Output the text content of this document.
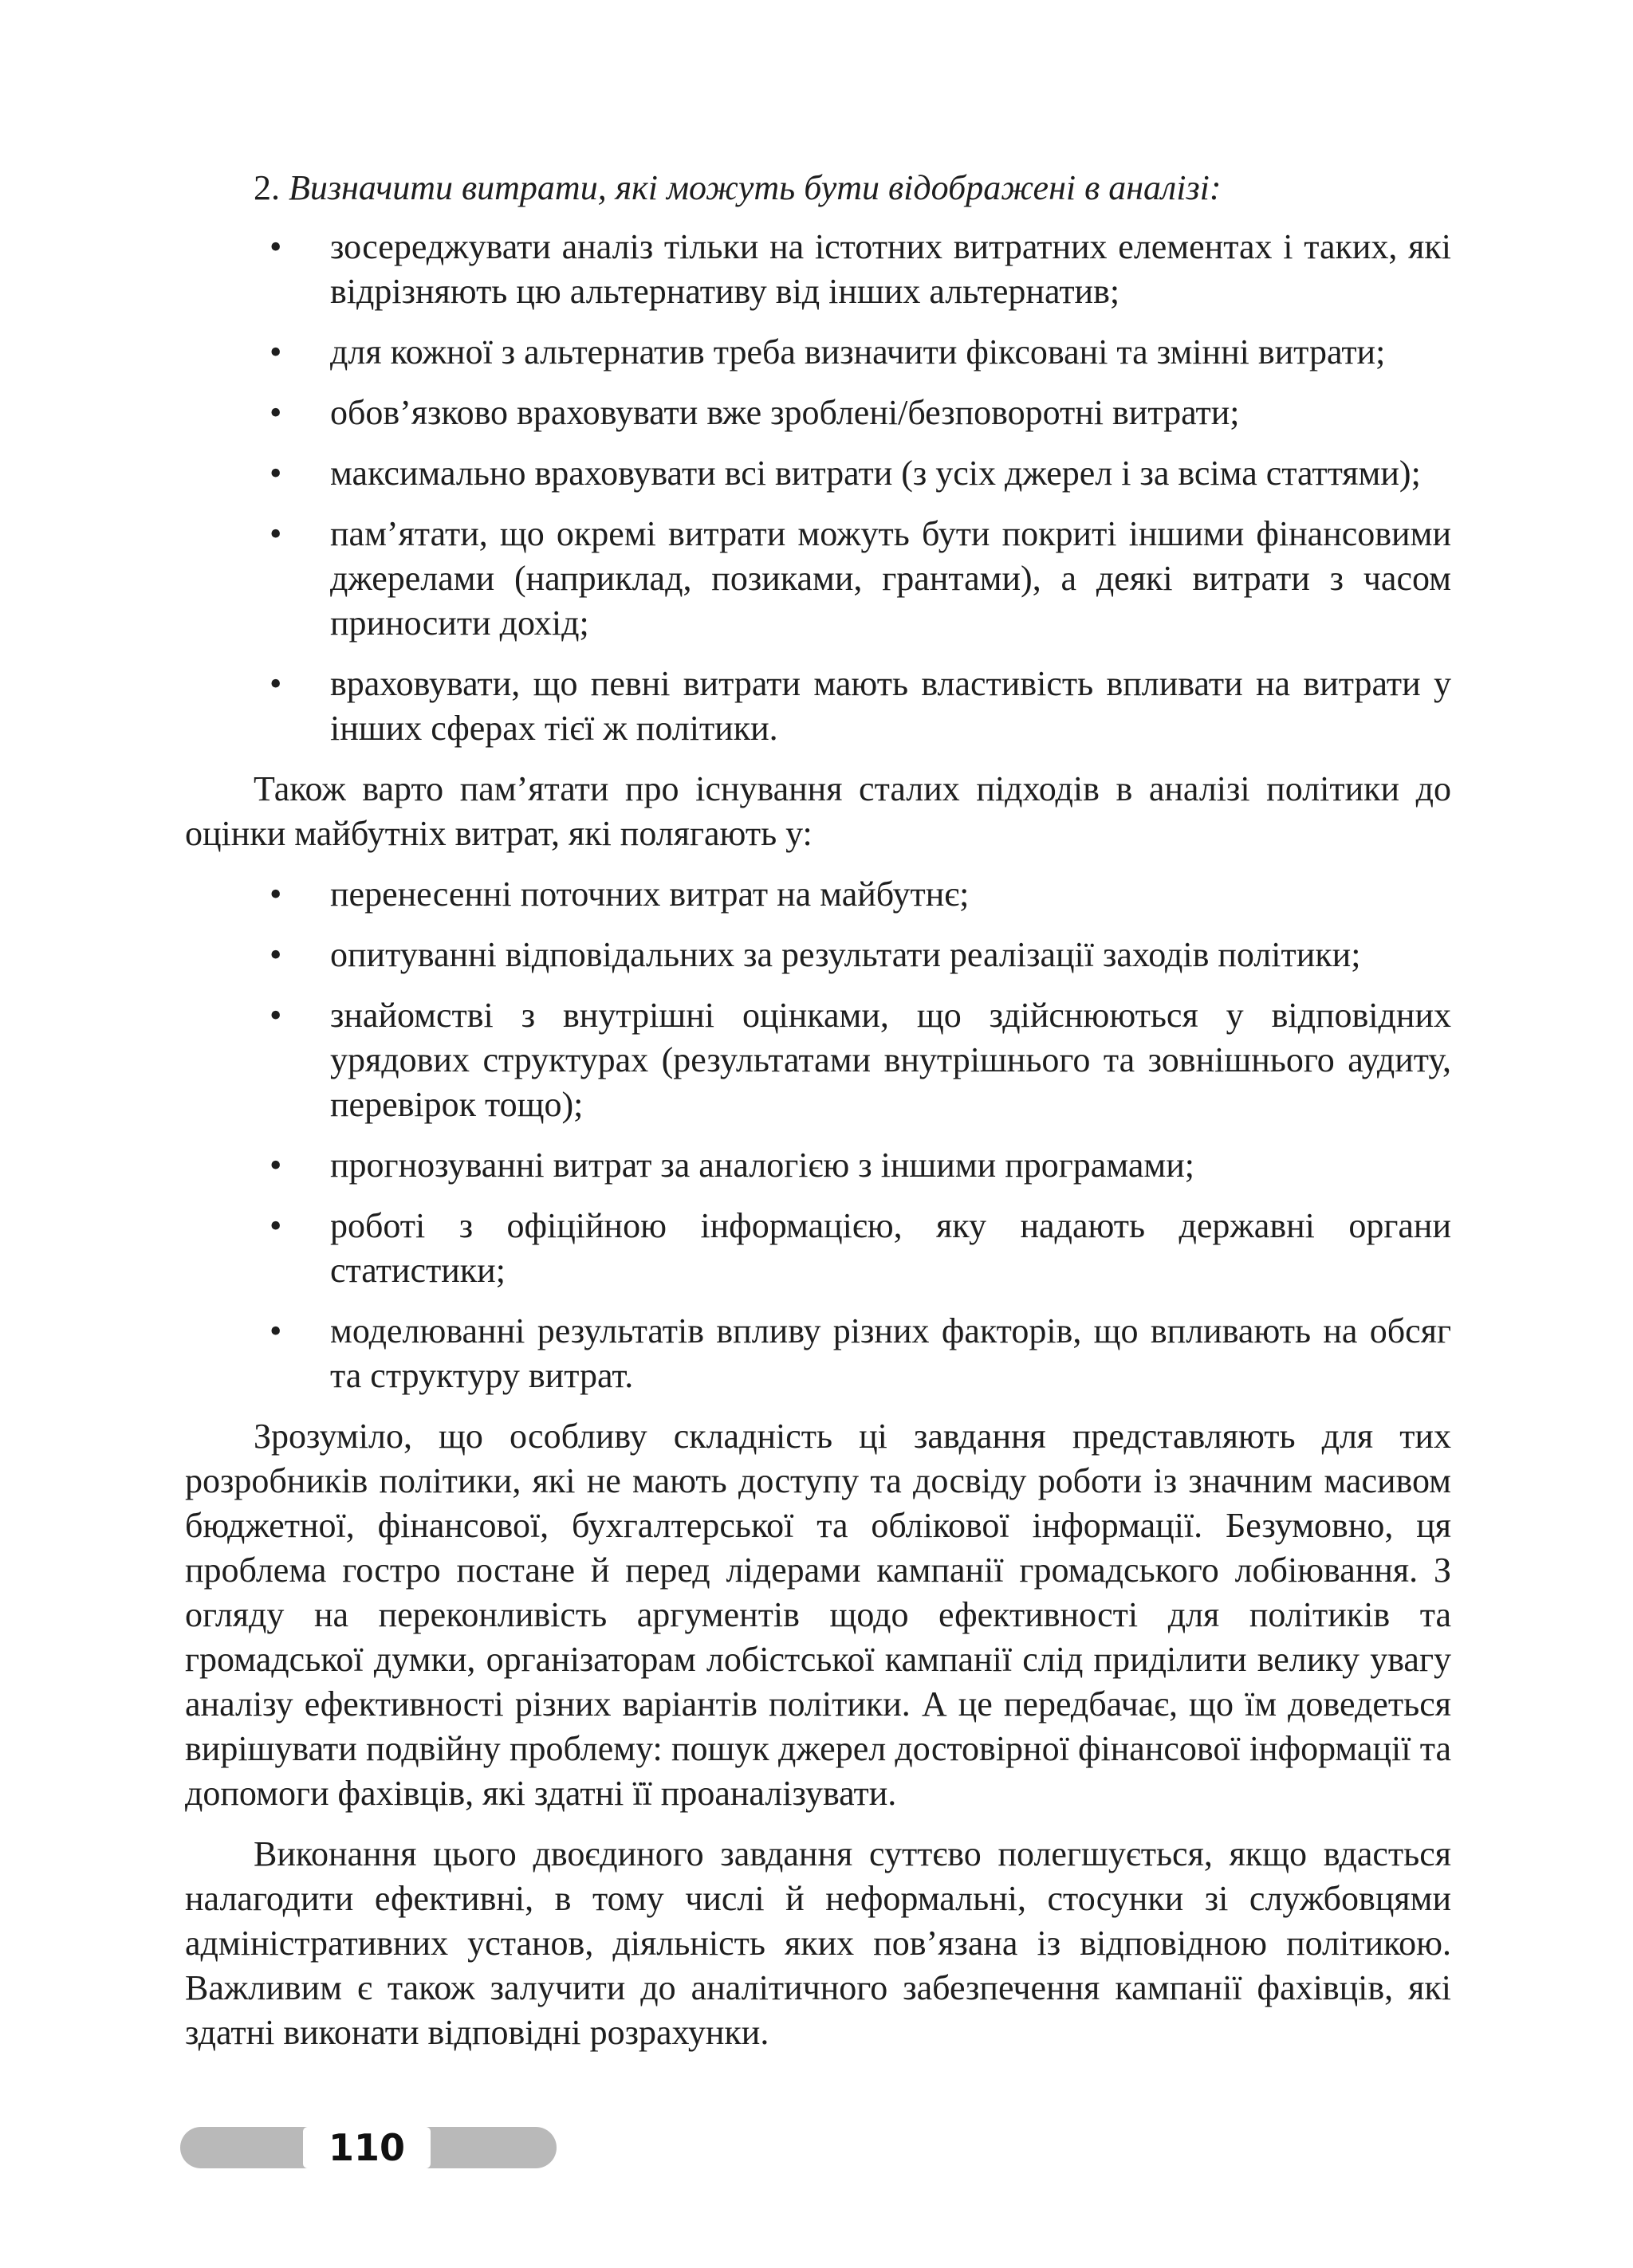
2. Визначити витрати, які можуть бути відображені в аналізі:
• зосереджувати аналіз тільки на істотних витратних елементах і таких, які відрізняють цю альтернативу від інших альтернатив;
• для кожної з альтернатив треба визначити фіксовані та змінні витрати;
• обов’язково враховувати вже зроблені/безповоротні витрати;
• максимально враховувати всі витрати (з усіх джерел і за всіма статтями);
• пам’ятати, що окремі витрати можуть бути покриті іншими фінансовими джерелами (наприклад, позиками, грантами), а деякі витрати з часом приносити дохід;
• враховувати, що певні витрати мають властивість впливати на витрати у інших сферах тієї ж політики.

Також варто пам’ятати про існування сталих підходів в аналізі політики до оцінки майбутніх витрат, які полягають у:

• перенесенні поточних витрат на майбутнє;
• опитуванні відповідальних за результати реалізації заходів політики;
• знайомстві з внутрішні оцінками, що здійснюються у відповідних урядових структурах (результатами внутрішнього та зовнішнього аудиту, перевірок тощо);
• прогнозуванні витрат за аналогією з іншими програмами;
• роботі з офіційною інформацією, яку надають державні органи статистики;
• моделюванні результатів впливу різних факторів, що впливають на обсяг та структуру витрат.

Зрозуміло, що особливу складність ці завдання представляють для тих розробників політики, які не мають доступу та досвіду роботи із значним масивом бюджетної, фінансової, бухгалтерської та облікової інформації. Безумовно, ця проблема гостро постане й перед лідерами кампанії громадського лобіювання. З огляду на переконливість аргументів щодо ефективності для політиків та громадської думки, організаторам лобістської кампанії слід приділити велику увагу аналізу ефективності різних варіантів політики. А це передбачає, що їм доведеться вирішувати подвійну проблему: пошук джерел достовірної фінансової інформації та допомоги фахівців, які здатні її проаналізувати.

Виконання цього двоєдиного завдання суттєво полегшується, якщо вдасться налагодити ефективні, в тому числі й неформальні, стосунки зі службовцями адміністративних установ, діяльність яких пов’язана із відповідною політикою. Важливим є також залучити до аналітичного забезпечення кампанії фахівців, які здатні виконати відповідні розрахунки.

110
